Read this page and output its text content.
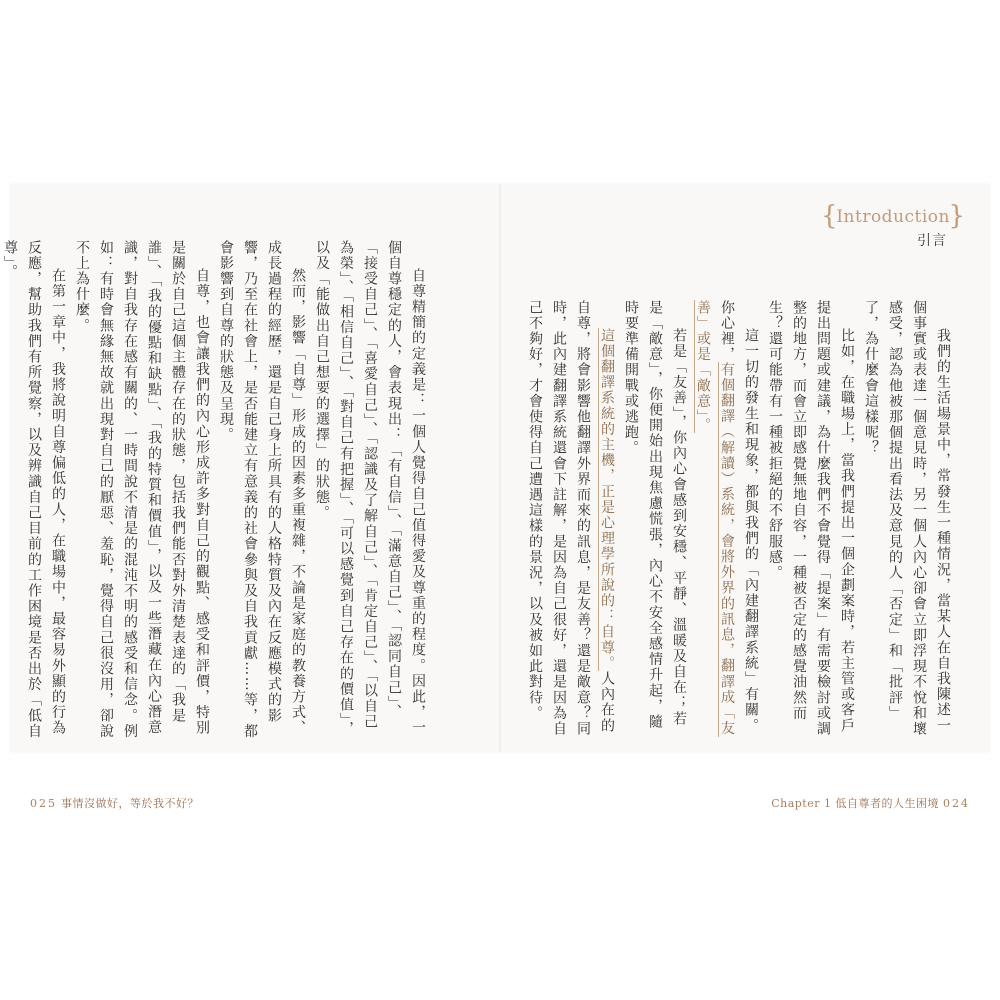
{
Introduction
}
引言
我們的生活場景中，常發生一種情況，當某人在自我陳述一個事實或表達一個意見時，另一個人內心卻會立即浮現不悅和壞感受，認為他被那個提出看法及意見的人「否定」和「批評」了，為什麼會這樣呢？
比如，在職場上，當我們提出一個企劃案時，若主管或客戶提出問題或建議，為什麼我們不會覺得「提案」有需要檢討或調整的地方，而會立即感覺無地自容，一種被否定的感覺油然而生？還可能帶有一種被拒絕的不舒服感。
這一切的發生和現象，都與我們的「內建翻譯系統」有關。你心裡，有個翻譯（解讀）系統，會將外界的訊息，翻譯成「友善」或是「敵意」。
若是「友善」，你內心會感到安穩、平靜、溫暖及自在；若是「敵意」，你便開始出現焦慮慌張，內心不安全感情升起，隨時要準備開戰或逃跑。
這個翻譯系統的主機，正是心理學所說的：自尊。人內在的自尊，將會影響他翻譯外界而來的訊息，是友善？還是敵意？同時，此內建翻譯系統還會下註解，是因為自己很好，還是因為自己不夠好，才會使得自己遭遇這樣的景況，以及被如此對待。
自尊精簡的定義是：一個人覺得自己值得愛及尊重的程度。因此，一個自尊穩定的人，會表現出：「有自信」、「滿意自己」、「認同自己」、「接受自己」、「喜愛自己」、「認識及了解自己」、「肯定自己」、「以自己為榮」、「相信自己」、「對自己有把握」、「可以感覺到自己存在的價值」，以及「能做出自己想要的選擇」的狀態。
然而，影響「自尊」形成的因素多重複雜，不論是家庭的教養方式、成長過程的經歷，還是自己身上所具有的人格特質及內在反應模式的影響，乃至在社會上，是否能建立有意義的社會參與及自我貢獻……等，都會影響到自尊的狀態及呈現。
自尊，也會讓我們的內心形成許多對自己的觀點、感受和評價，特別是關於自己這個主體存在的狀態，包括我們能否對外清楚表達的「我是誰」、「我的優點和缺點」、「我的特質和價值」，以及一些潛藏在內心潛意識，對自我存在感有關的、一時間說不清是的混沌不明的感受和信念。例如：有時會無緣無故就出現對自己的厭惡、羞恥，覺得自己很沒用，卻說不上為什麼。
在第一章中，我將說明自尊偏低的人，在職場中，最容易外顯的行為反應，幫助我們有所覺察，以及辨識自己目前的工作困境是否出於「低自尊」。
025 事情沒做好，等於我不好？	Chapter 1 低自尊者的人生困境 024
